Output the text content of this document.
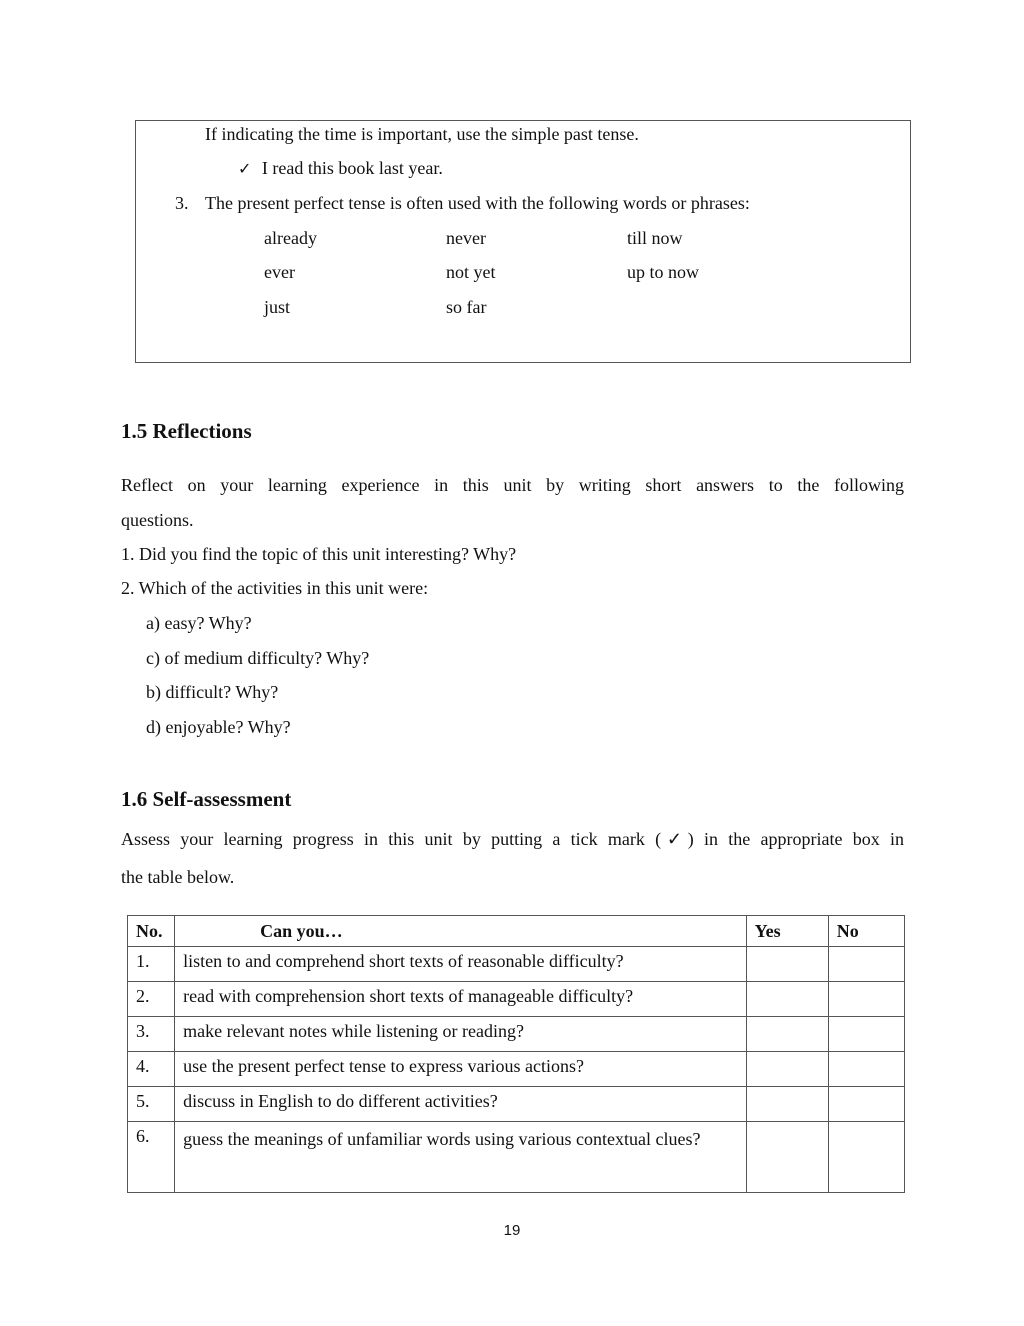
If indicating the time is important, use the simple past tense.
✓ I read this book last year.
3. The present perfect tense is often used with the following words or phrases:
already	never	till now
ever	not yet	up to now
just	so far
1.5 Reflections
Reflect on your learning experience in this unit by writing short answers to the following
questions.
1. Did you find the topic of this unit interesting? Why?
2. Which of the activities in this unit were:
a) easy? Why?
c) of medium difficulty? Why?
b) difficult? Why?
d) enjoyable? Why?
1.6 Self-assessment
Assess your learning progress in this unit by putting a tick mark (✓) in the appropriate box in
the table below.
No.	Can you…	Yes	No
1.	listen to and comprehend short texts of reasonable difficulty?		
2.	read with comprehension short texts of manageable difficulty?		
3.	make relevant notes while listening or reading?		
4.	use the present perfect tense to express various actions?		
5.	discuss in English to do different activities?		
6.	guess the meanings of unfamiliar words using various contextual clues?		
19
